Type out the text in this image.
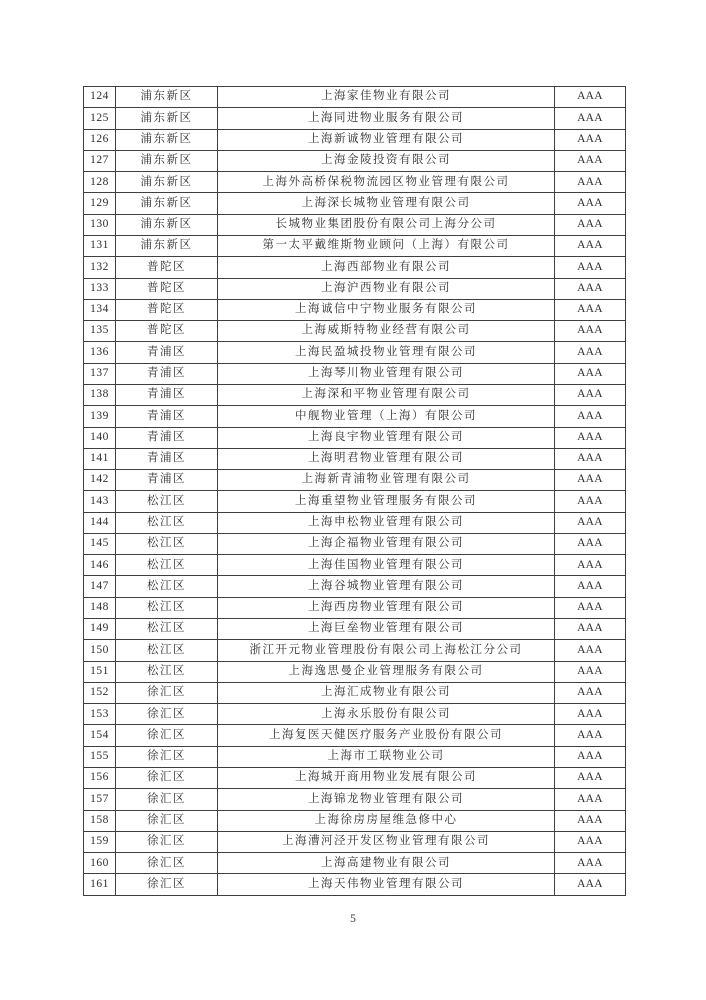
124	浦东新区	上海家佳物业有限公司	AAA
125	浦东新区	上海同进物业服务有限公司	AAA
126	浦东新区	上海新诚物业管理有限公司	AAA
127	浦东新区	上海金陵投资有限公司	AAA
128	浦东新区	上海外高桥保税物流园区物业管理有限公司	AAA
129	浦东新区	上海深长城物业管理有限公司	AAA
130	浦东新区	长城物业集团股份有限公司上海分公司	AAA
131	浦东新区	第一太平戴维斯物业顾问（上海）有限公司	AAA
132	普陀区	上海西部物业有限公司	AAA
133	普陀区	上海沪西物业有限公司	AAA
134	普陀区	上海诚信中宁物业服务有限公司	AAA
135	普陀区	上海威斯特物业经营有限公司	AAA
136	青浦区	上海民盈城投物业管理有限公司	AAA
137	青浦区	上海琴川物业管理有限公司	AAA
138	青浦区	上海深和平物业管理有限公司	AAA
139	青浦区	中舰物业管理（上海）有限公司	AAA
140	青浦区	上海良宇物业管理有限公司	AAA
141	青浦区	上海明君物业管理有限公司	AAA
142	青浦区	上海新青浦物业管理有限公司	AAA
143	松江区	上海重望物业管理服务有限公司	AAA
144	松江区	上海申松物业管理有限公司	AAA
145	松江区	上海企福物业管理有限公司	AAA
146	松江区	上海佳国物业管理有限公司	AAA
147	松江区	上海谷城物业管理有限公司	AAA
148	松江区	上海西房物业管理有限公司	AAA
149	松江区	上海巨垒物业管理有限公司	AAA
150	松江区	浙江开元物业管理股份有限公司上海松江分公司	AAA
151	松江区	上海逸思曼企业管理服务有限公司	AAA
152	徐汇区	上海汇成物业有限公司	AAA
153	徐汇区	上海永乐股份有限公司	AAA
154	徐汇区	上海复医天健医疗服务产业股份有限公司	AAA
155	徐汇区	上海市工联物业公司	AAA
156	徐汇区	上海城开商用物业发展有限公司	AAA
157	徐汇区	上海锦龙物业管理有限公司	AAA
158	徐汇区	上海徐房房屋维急修中心	AAA
159	徐汇区	上海漕河泾开发区物业管理有限公司	AAA
160	徐汇区	上海高建物业有限公司	AAA
161	徐汇区	上海天伟物业管理有限公司	AAA
5
